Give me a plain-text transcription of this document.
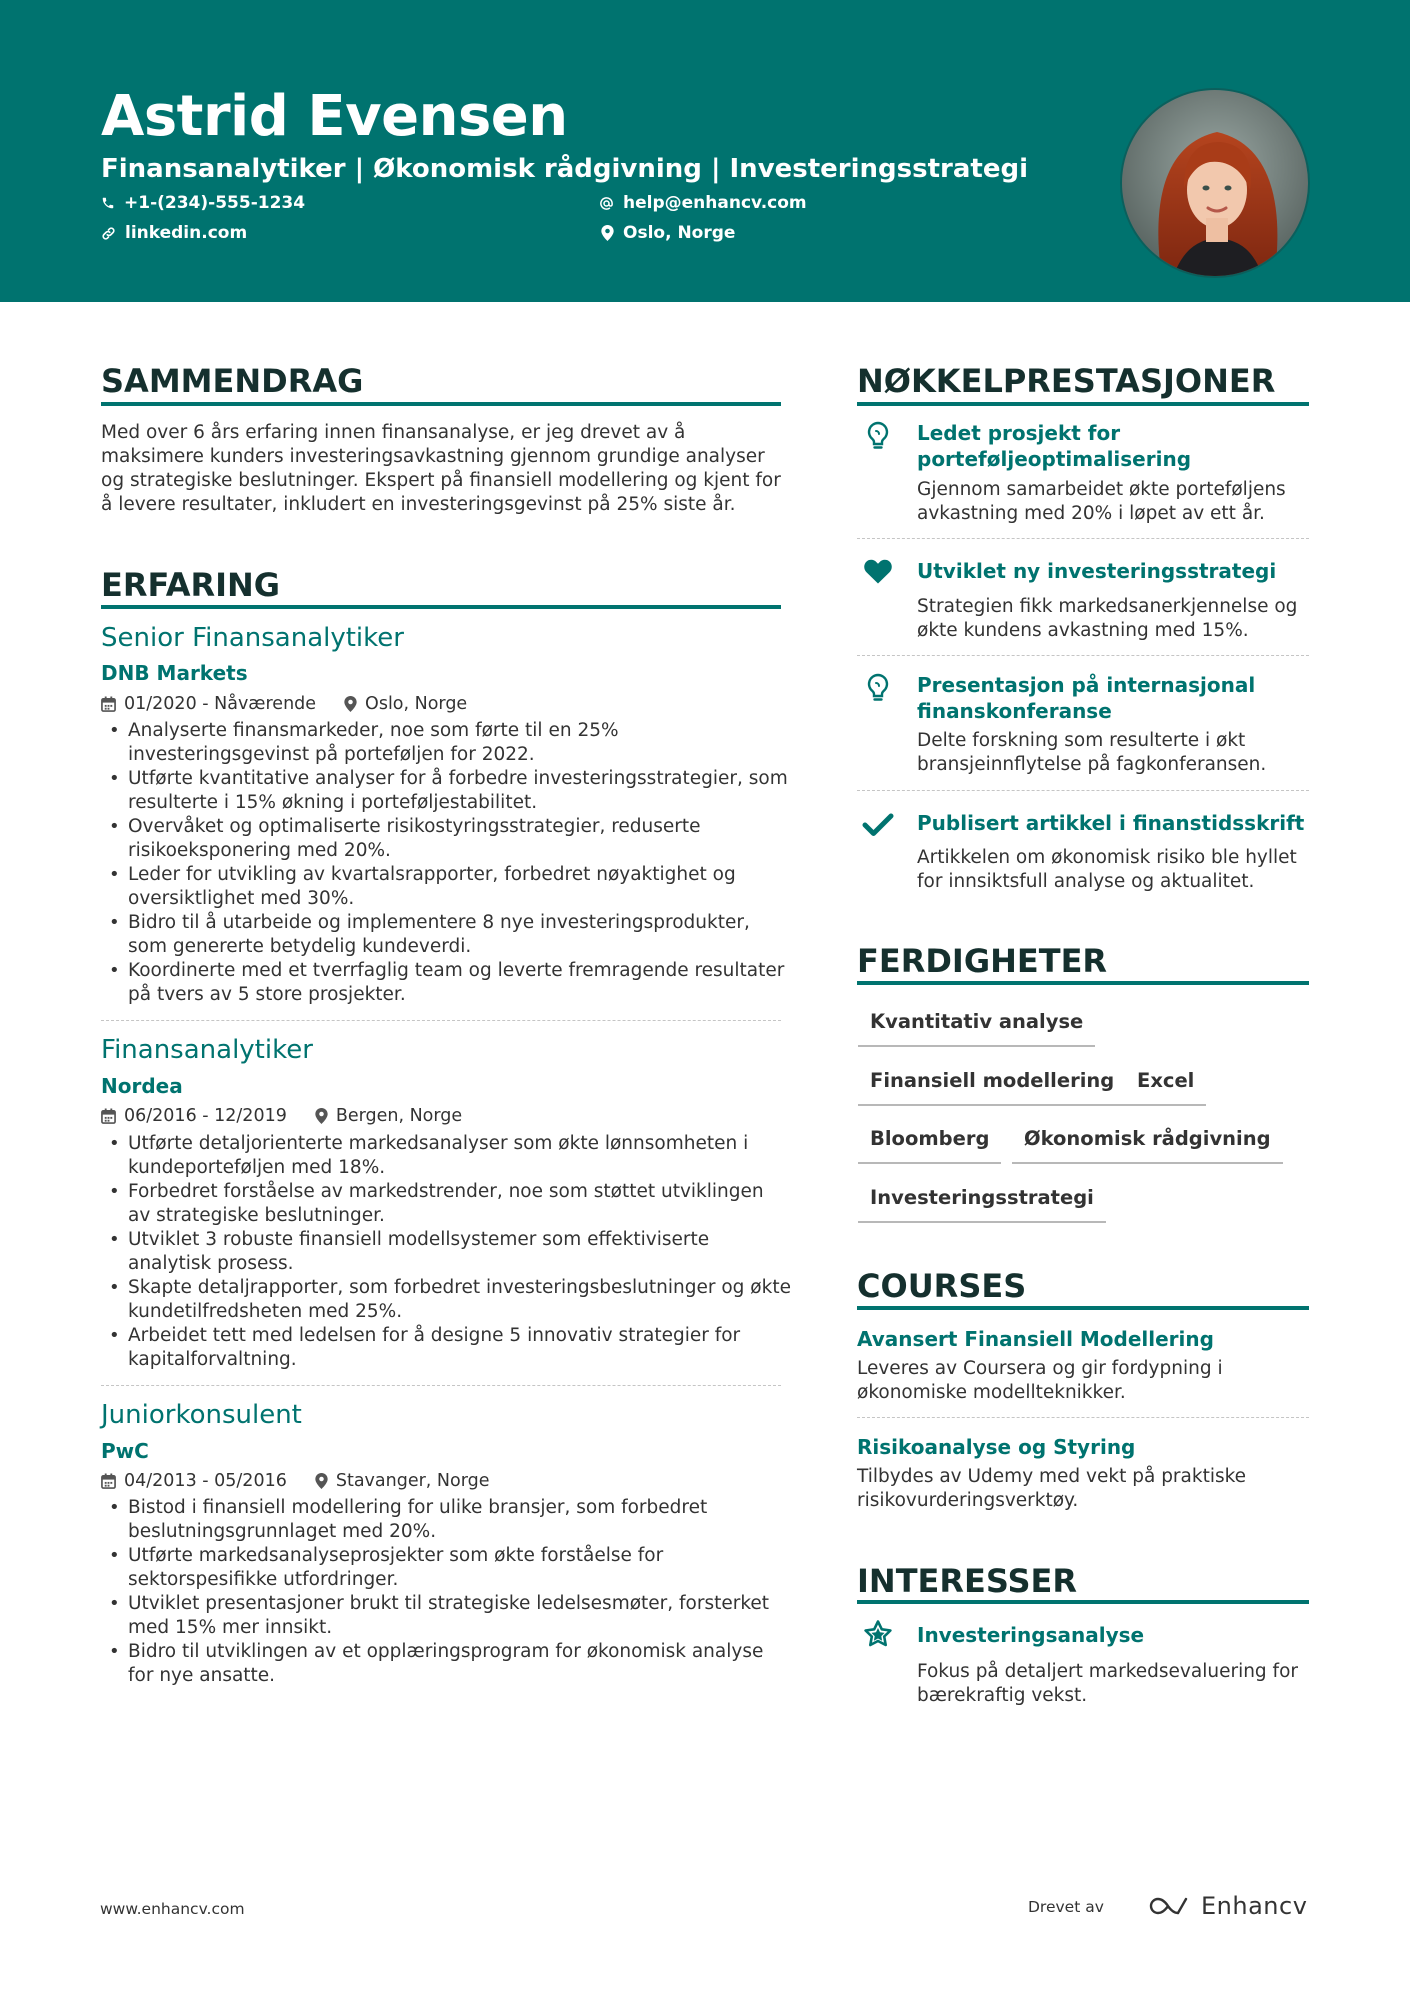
Astrid Evensen
Finansanalytiker | Økonomisk rådgivning | Investeringsstrategi
+1-(234)-555-1234
linkedin.com
help@enhancv.com
Oslo, Norge
SAMMENDRAG
Med over 6 års erfaring innen finansanalyse, er jeg drevet av å maksimere kunders investeringsavkastning gjennom grundige analyser og strategiske beslutninger. Ekspert på finansiell modellering og kjent for å levere resultater, inkludert en investeringsgevinst på 25% siste år.
ERFARING
Senior Finansanalytiker
DNB Markets
01/2020 - Nåværende	Oslo, Norge
• Analyserte finansmarkeder, noe som førte til en 25% investeringsgevinst på porteføljen for 2022.
• Utførte kvantitative analyser for å forbedre investeringsstrategier, som resulterte i 15% økning i porteføljestabilitet.
• Overvåket og optimaliserte risikostyringsstrategier, reduserte risikoeksponering med 20%.
• Leder for utvikling av kvartalsrapporter, forbedret nøyaktighet og oversiktlighet med 30%.
• Bidro til å utarbeide og implementere 8 nye investeringsprodukter, som genererte betydelig kundeverdi.
• Koordinerte med et tverrfaglig team og leverte fremragende resultater på tvers av 5 store prosjekter.
Finansanalytiker
Nordea
06/2016 - 12/2019	Bergen, Norge
• Utførte detaljorienterte markedsanalyser som økte lønnsomheten i kundeporteføljen med 18%.
• Forbedret forståelse av markedstrender, noe som støttet utviklingen av strategiske beslutninger.
• Utviklet 3 robuste finansiell modellsystemer som effektiviserte analytisk prosess.
• Skapte detaljrapporter, som forbedret investeringsbeslutninger og økte kundetilfredsheten med 25%.
• Arbeidet tett med ledelsen for å designe 5 innovativ strategier for kapitalforvaltning.
Juniorkonsulent
PwC
04/2013 - 05/2016	Stavanger, Norge
• Bistod i finansiell modellering for ulike bransjer, som forbedret beslutningsgrunnlaget med 20%.
• Utførte markedsanalyseprosjekter som økte forståelse for sektorspesifikke utfordringer.
• Utviklet presentasjoner brukt til strategiske ledelsesmøter, forsterket med 15% mer innsikt.
• Bidro til utviklingen av et opplæringsprogram for økonomisk analyse for nye ansatte.
NØKKELPRESTASJONER
Ledet prosjekt for porteføljeoptimalisering
Gjennom samarbeidet økte porteføljens avkastning med 20% i løpet av ett år.
Utviklet ny investeringsstrategi
Strategien fikk markedsanerkjennelse og økte kundens avkastning med 15%.
Presentasjon på internasjonal finanskonferanse
Delte forskning som resulterte i økt bransjeinnflytelse på fagkonferansen.
Publisert artikkel i finanstidsskrift
Artikkelen om økonomisk risiko ble hyllet for innsiktsfull analyse og aktualitet.
FERDIGHETER
Kvantitativ analyse
Finansiell modellering	Excel
Bloomberg	Økonomisk rådgivning
Investeringsstrategi
COURSES
Avansert Finansiell Modellering
Leveres av Coursera og gir fordypning i økonomiske modellteknikker.
Risikoanalyse og Styring
Tilbydes av Udemy med vekt på praktiske risikovurderingsverktøy.
INTERESSER
Investeringsanalyse
Fokus på detaljert markedsevaluering for bærekraftig vekst.
www.enhancv.com	Drevet av	Enhancv
